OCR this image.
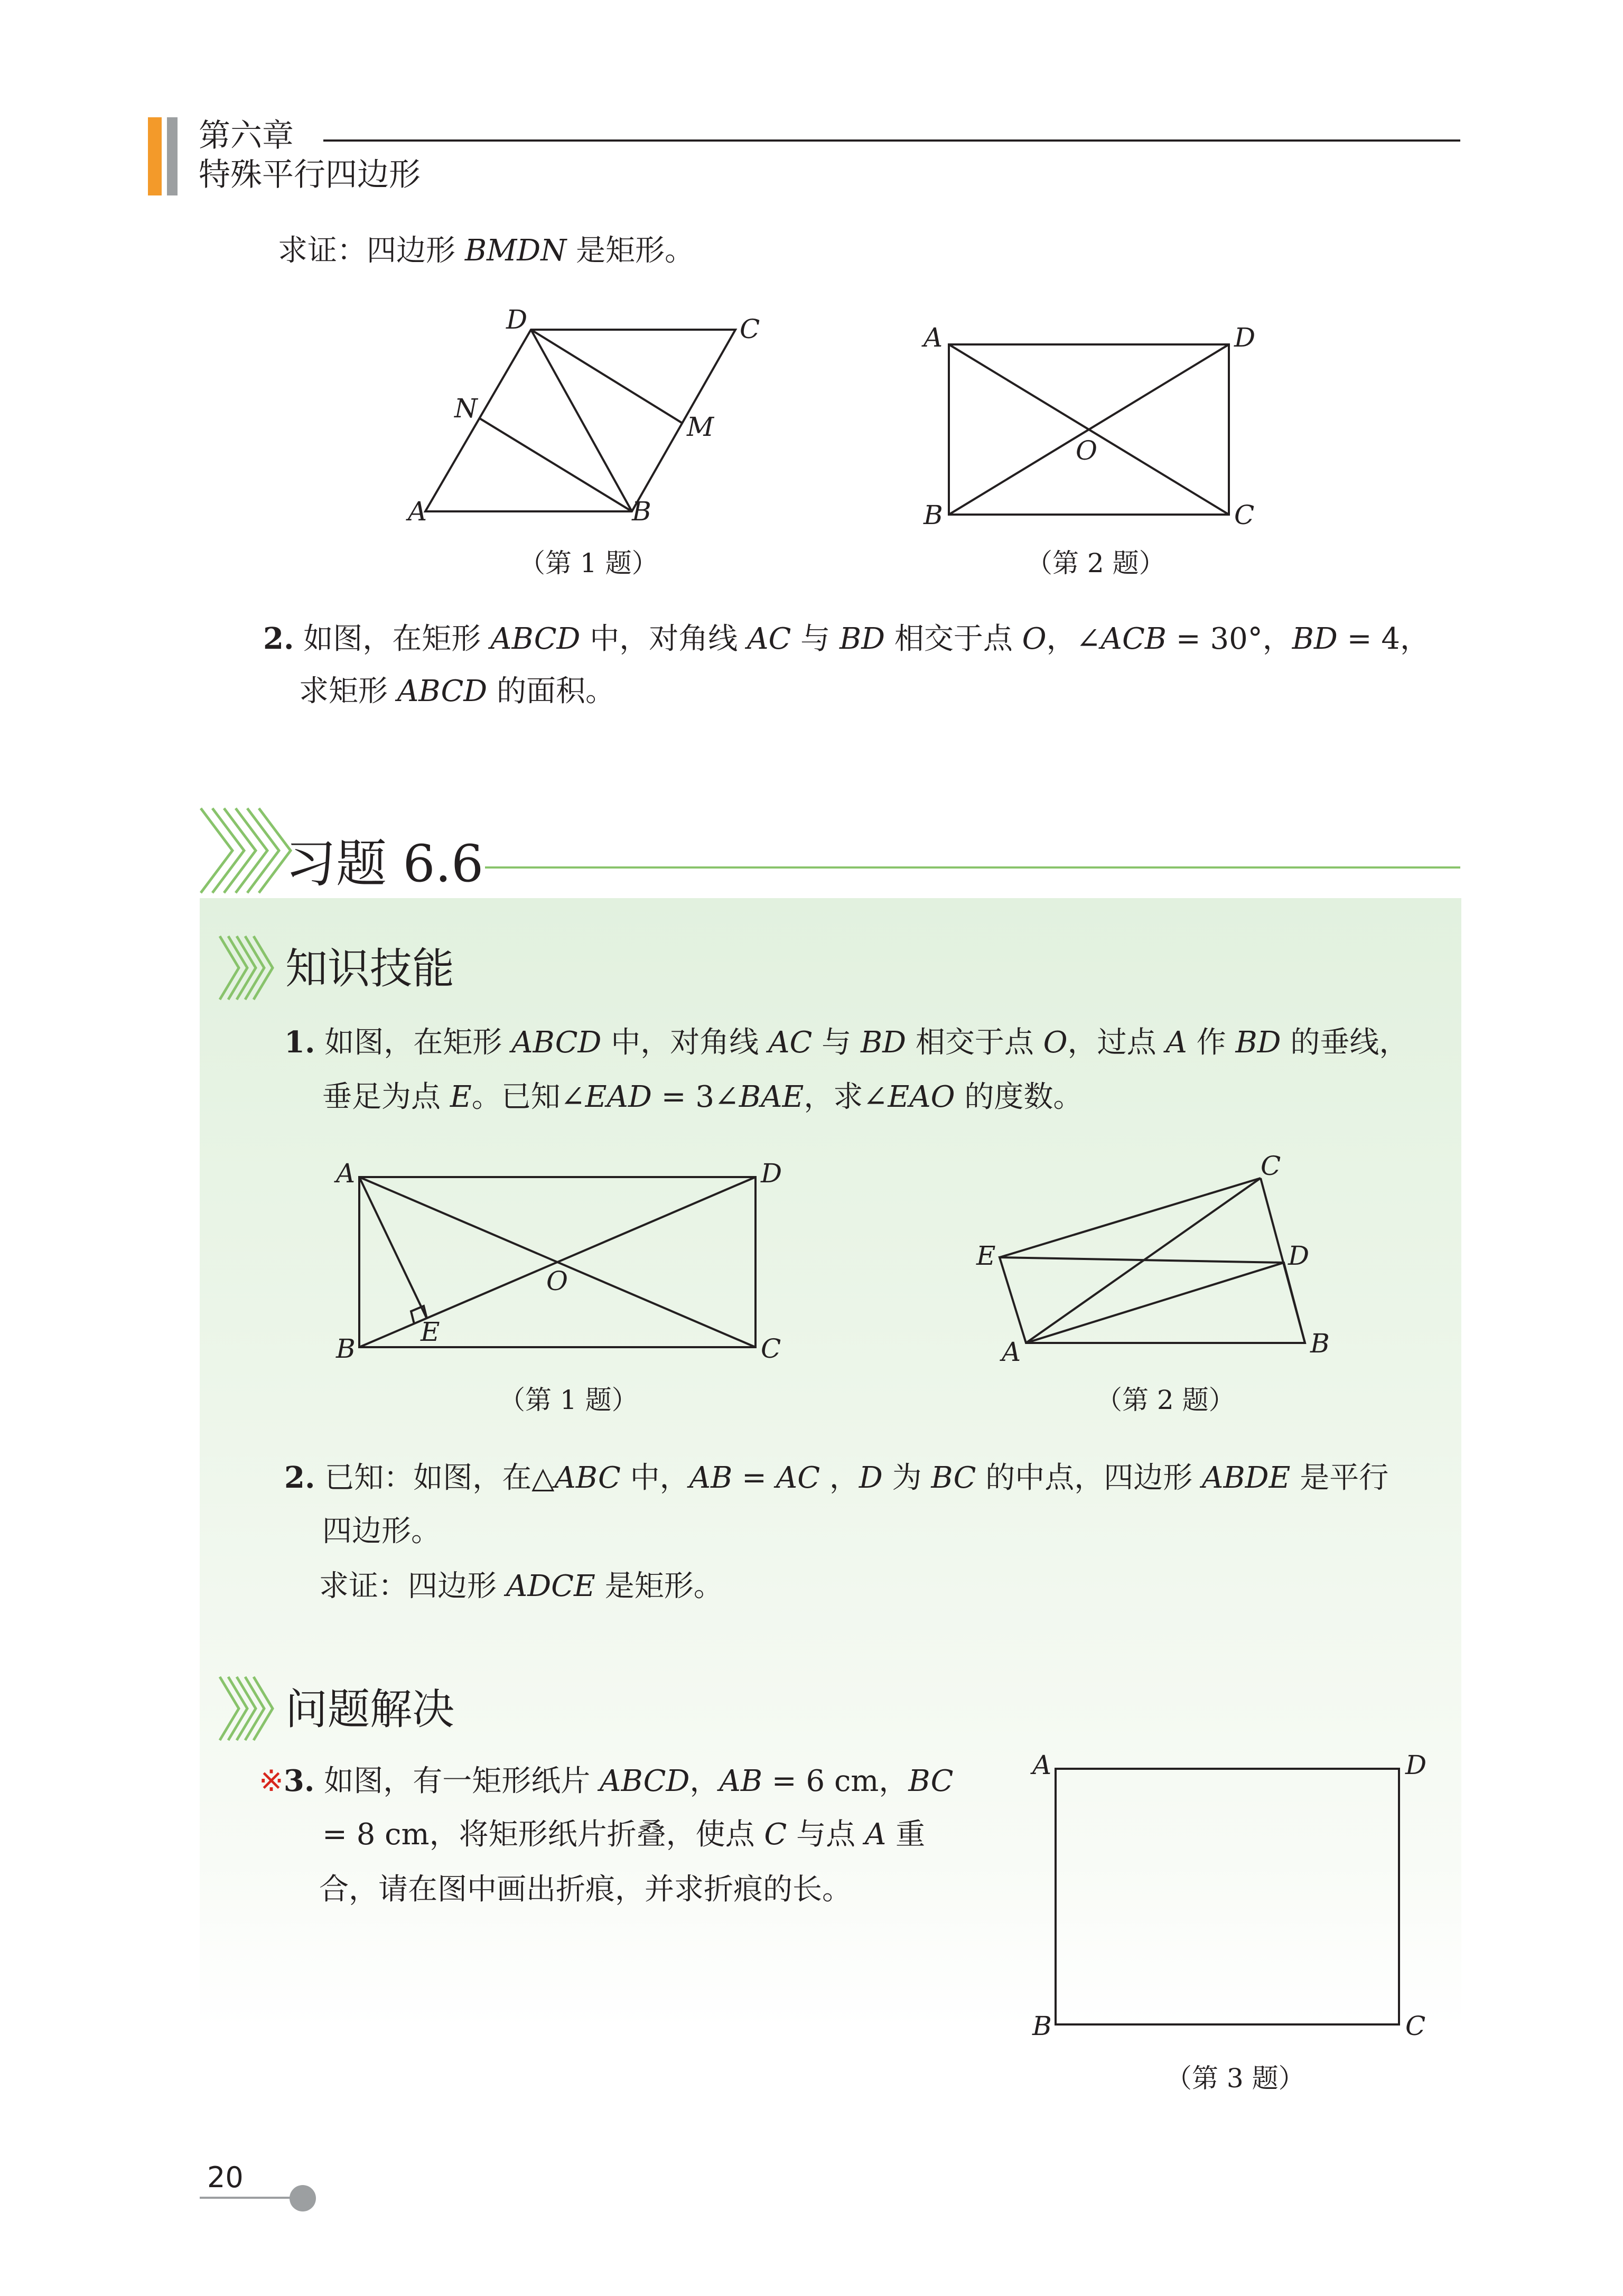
第六章
特殊平行四边形
求证：四边形 BMDN 是矩形。
A	B
C
D
M
N
A
B	C
D
O
（第 1 题）	（第 2 题）
2. 如图，在矩形 ABCD 中，对角线 AC 与 BD 相交于点 O，∠ACB = 30°，BD = 4，
求矩形 ABCD 的面积。
习题 6.6
知识技能
1. 如图，在矩形 ABCD 中，对角线 AC 与 BD 相交于点 O，过点 A 作 BD 的垂线，
垂足为点 E。已知∠EAD = 3∠BAE，求∠EAO 的度数。
A
B	C
D
E
O
A	B
C
D
E
A
B	C
D
（第 1 题）	（第 2 题）
2. 已知：如图，在△ABC 中，AB = AC ，D 为 BC 的中点，四边形 ABDE 是平行
四边形。
求证：四边形 ADCE 是矩形。
问题解决
※3. 如图，有一矩形纸片 ABCD，AB = 6 cm，BC
= 8 cm，将矩形纸片折叠，使点 C 与点 A 重
合，请在图中画出折痕，并求折痕的长。
（第 3 题）
20
